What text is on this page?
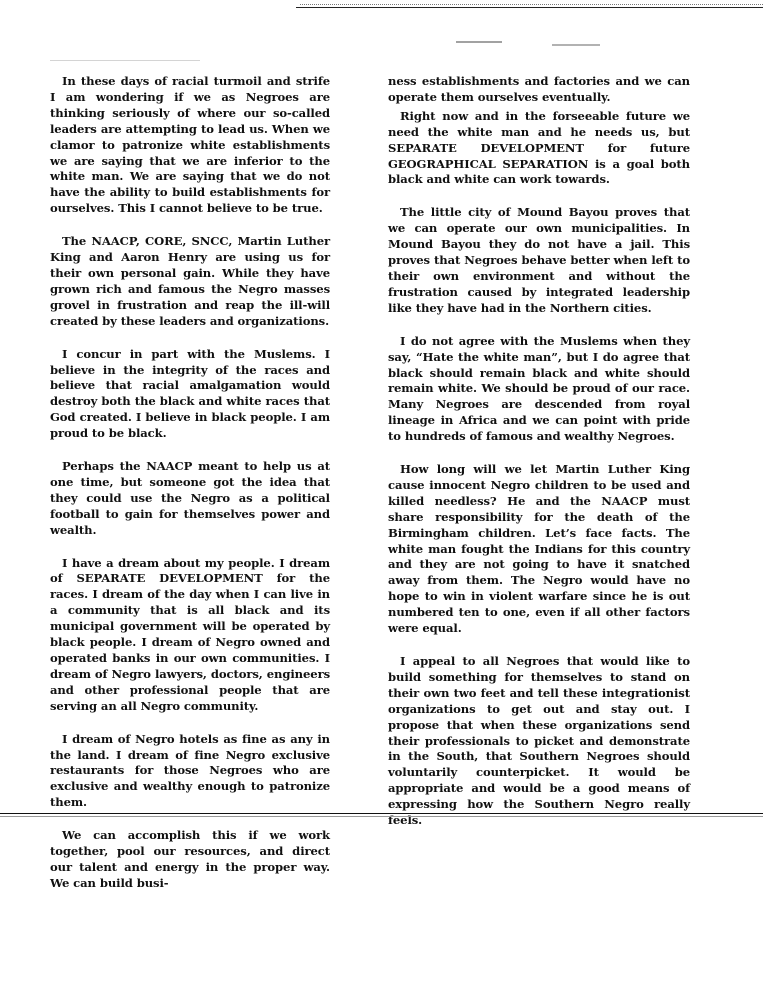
In these days of racial turmoil and strife I am wondering if we as Negroes are thinking seriously of where our so-called leaders are attempting to lead us. When we clamor to patronize white establishments we are saying that we are inferior to the white man. We are saying that we do not have the ability to build establishments for ourselves. This I cannot believe to be true.

The NAACP, CORE, SNCC, Martin Luther King and Aaron Henry are using us for their own personal gain. While they have grown rich and famous the Negro masses grovel in frustration and reap the ill-will created by these leaders and organizations.

I concur in part with the Muslems. I believe in the integrity of the races and believe that racial amalgamation would destroy both the black and white races that God created. I believe in black people. I am proud to be black.

Perhaps the NAACP meant to help us at one time, but someone got the idea that they could use the Negro as a political football to gain for themselves power and wealth.

I have a dream about my people. I dream of SEPARATE DEVELOPMENT for the races. I dream of the day when I can live in a community that is all black and its municipal government will be operated by black people. I dream of Negro owned and operated banks in our own communities. I dream of Negro lawyers, doctors, engineers and other professional people that are serving an all Negro community.

I dream of Negro hotels as fine as any in the land. I dream of fine Negro exclusive restaurants for those Negroes who are exclusive and wealthy enough to patronize them.

We can accomplish this if we work together, pool our resources, and direct our talent and energy in the proper way. We can build busi-

ness establishments and factories and we can operate them ourselves eventually.

Right now and in the forseeable future we need the white man and he needs us, but SEPARATE DEVELOPMENT for future GEOGRAPHICAL SEPARATION is a goal both black and white can work towards.

The little city of Mound Bayou proves that we can operate our own municipalities. In Mound Bayou they do not have a jail. This proves that Negroes behave better when left to their own environment and without the frustration caused by integrated leadership like they have had in the Northern cities.

I do not agree with the Muslems when they say, “Hate the white man”, but I do agree that black should remain black and white should remain white. We should be proud of our race. Many Negroes are descended from royal lineage in Africa and we can point with pride to hundreds of famous and wealthy Negroes.

How long will we let Martin Luther King cause innocent Negro children to be used and killed needless? He and the NAACP must share responsibility for the death of the Birmingham children. Let’s face facts. The white man fought the Indians for this country and they are not going to have it snatched away from them. The Negro would have no hope to win in violent warfare since he is out numbered ten to one, even if all other factors were equal.

I appeal to all Negroes that would like to build something for themselves to stand on their own two feet and tell these integrationist organizations to get out and stay out. I propose that when these organizations send their professionals to picket and demonstrate in the South, that Southern Negroes should voluntarily counterpicket. It would be appropriate and would be a good means of expressing how the Southern Negro really feels.
